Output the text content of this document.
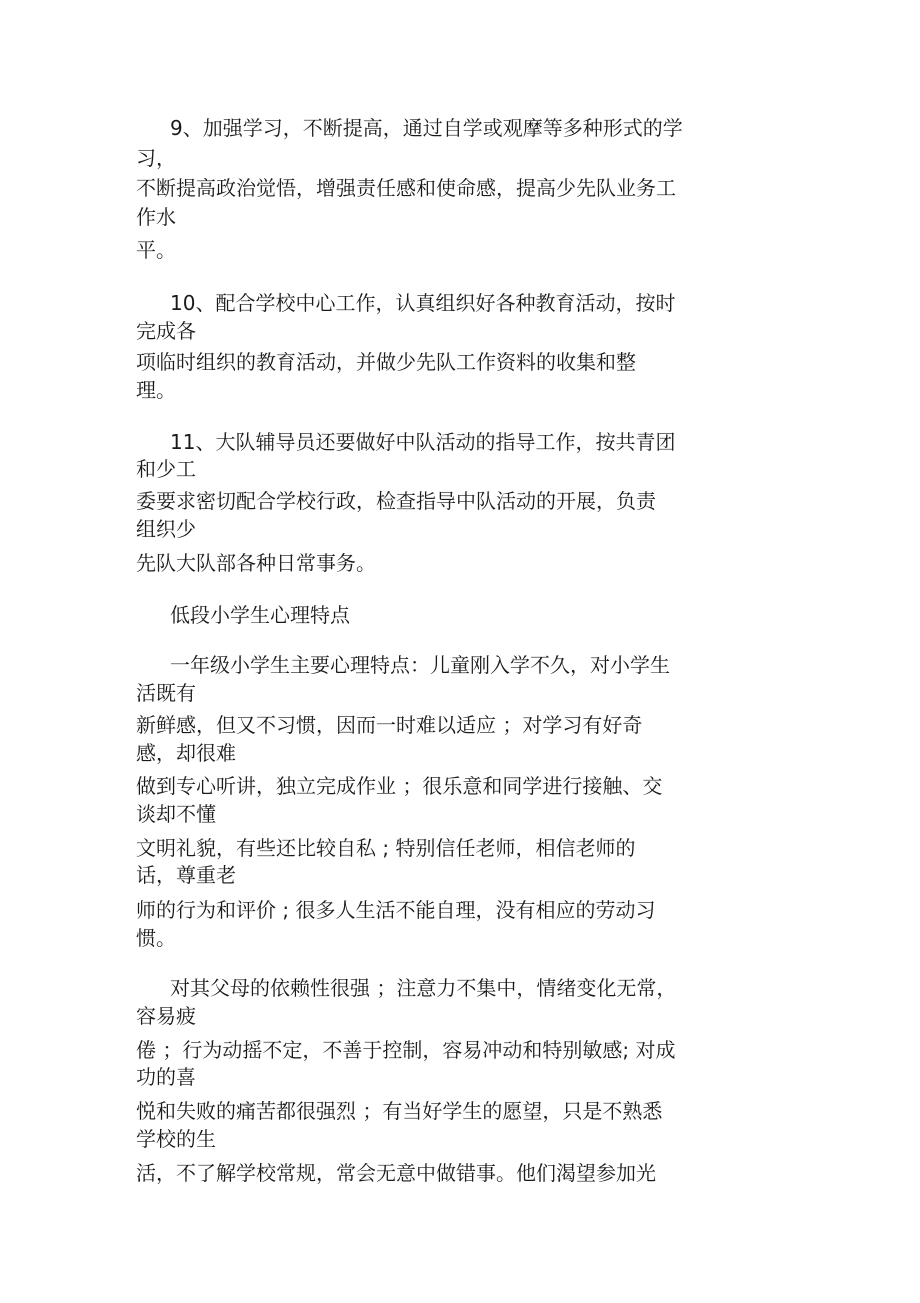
9、加强学习，不断提高，通过自学或观摩等多种形式的学
习，
不断提高政治觉悟，增强责任感和使命感，提高少先队业务工
作水
平。
10、配合学校中心工作，认真组织好各种教育活动，按时
完成各
项临时组织的教育活动，并做少先队工作资料的收集和整
理。
11、大队辅导员还要做好中队活动的指导工作，按共青团
和少工
委要求密切配合学校行政，检查指导中队活动的开展，负责
组织少
先队大队部各种日常事务。
低段小学生心理特点
一年级小学生主要心理特点：儿童刚入学不久，对小学生
活既有
新鲜感，但又不习惯，因而一时难以适应 ；对学习有好奇
感，却很难
做到专心听讲，独立完成作业 ；很乐意和同学进行接触、交
谈却不懂
文明礼貌，有些还比较自私 ; 特别信任老师，相信老师的
话，尊重老
师的行为和评价 ; 很多人生活不能自理，没有相应的劳动习
惯。
对其父母的依赖性很强 ；注意力不集中，情绪变化无常，
容易疲
倦 ；行为动摇不定，不善于控制，容易冲动和特别敏感; 对成
功的喜
悦和失败的痛苦都很强烈 ；有当好学生的愿望，只是不熟悉
学校的生
活，不了解学校常规，常会无意中做错事。他们渴望参加光
